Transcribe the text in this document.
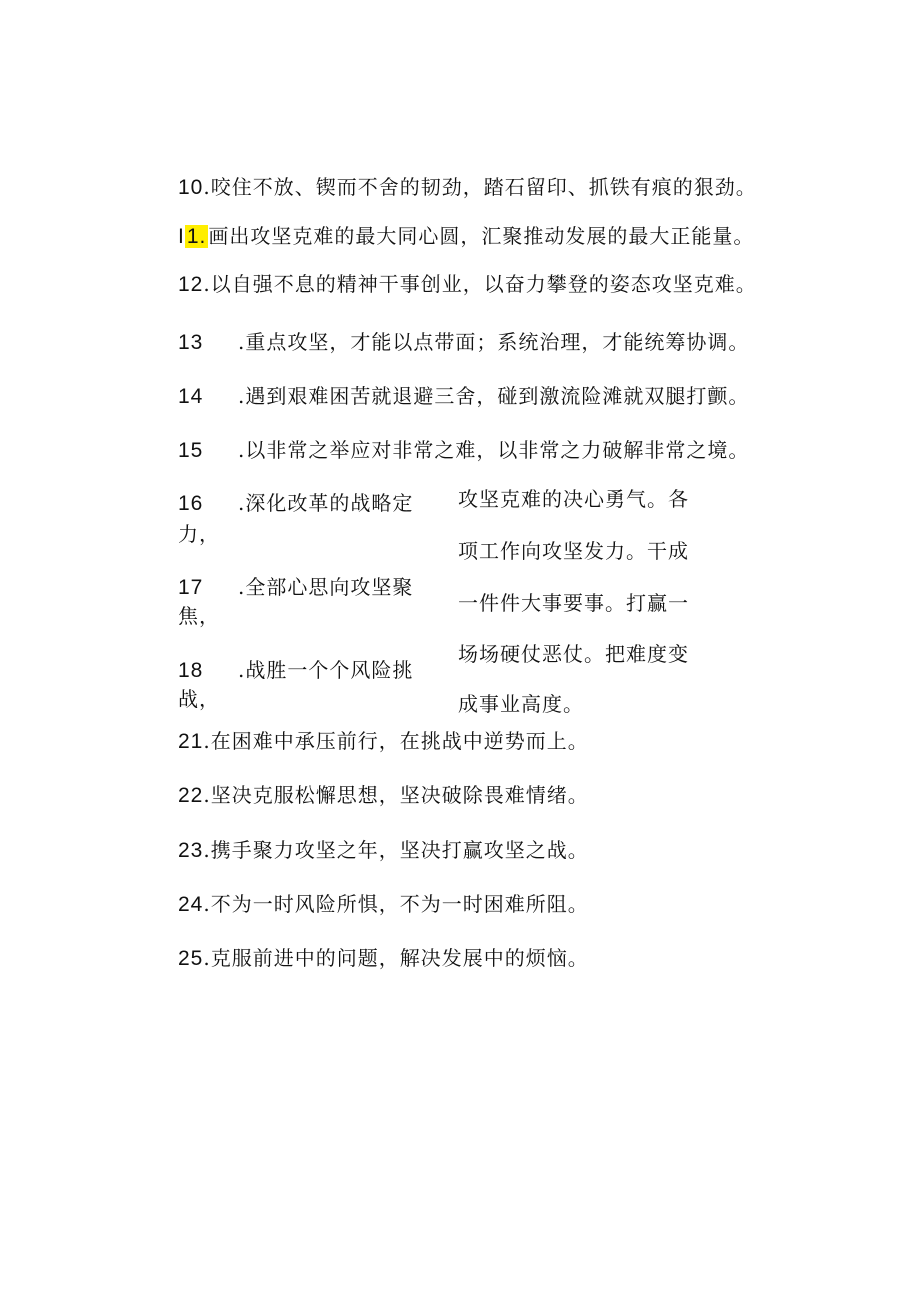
10.咬住不放、锲而不舍的韧劲，踏石留印、抓铁有痕的狠劲。
I1. 画出攻坚克难的最大同心圆，汇聚推动发展的最大正能量。
12.以自强不息的精神干事创业，以奋力攀登的姿态攻坚克难。
13 .重点攻坚，才能以点带面；系统治理，才能统筹协调。
14 .遇到艰难困苦就退避三舍，碰到激流险滩就双腿打颤。
15 .以非常之举应对非常之难，以非常之力破解非常之境。
16 .深化改革的战略定
力，
17 .全部心思向攻坚聚
焦，
18 .战胜一个个风险挑
战，
攻坚克难的决心勇气。各
项工作向攻坚发力。干成
一件件大事要事。打赢一
场场硬仗恶仗。把难度变
成事业高度。
21.在困难中承压前行，在挑战中逆势而上。
22.坚决克服松懈思想，坚决破除畏难情绪。
23.携手聚力攻坚之年，坚决打赢攻坚之战。
24.不为一时风险所惧，不为一时困难所阻。
25.克服前进中的问题，解决发展中的烦恼。
